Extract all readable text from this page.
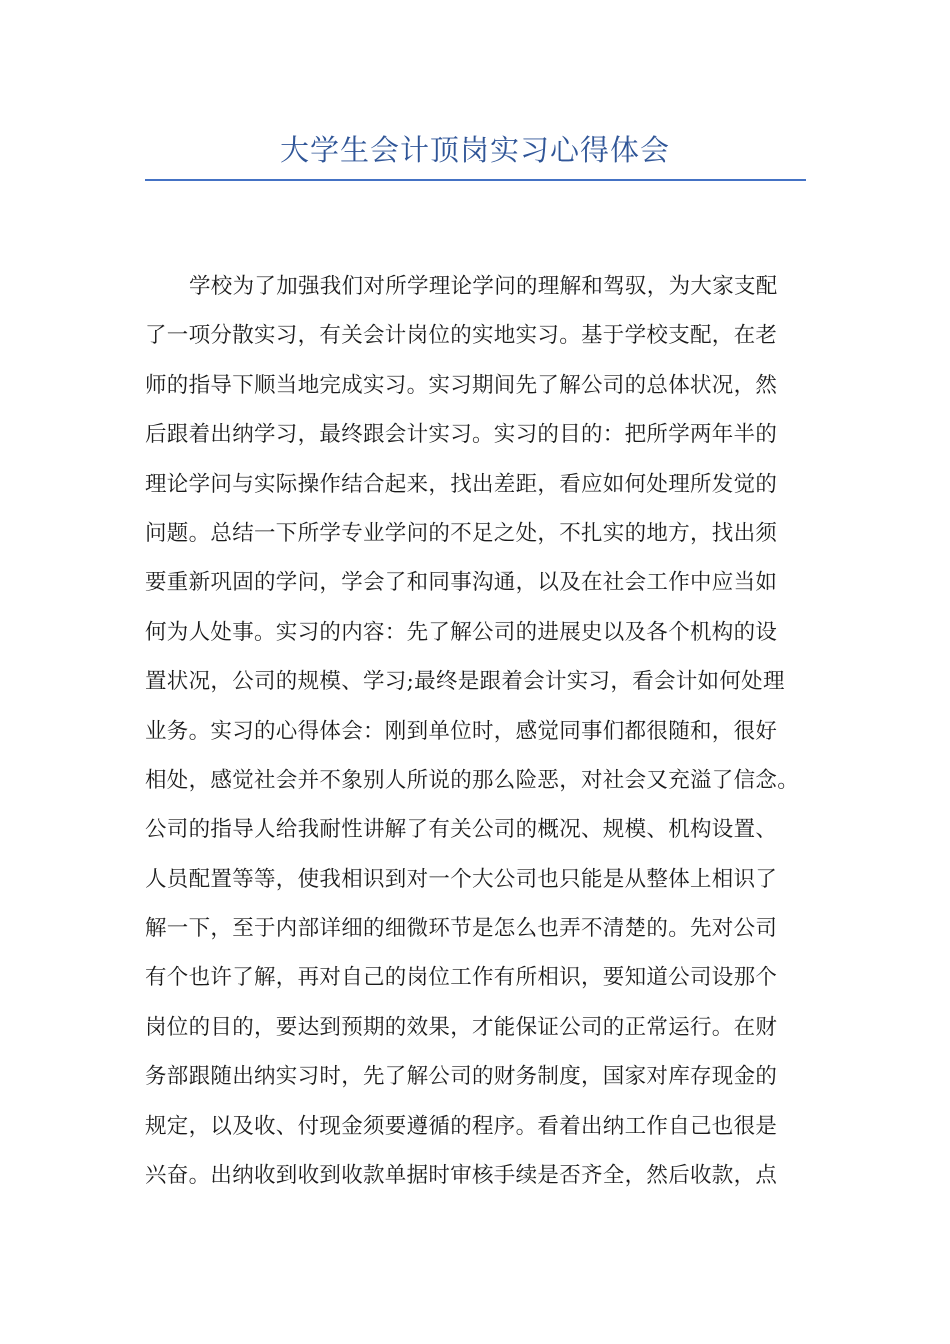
大学生会计顶岗实习心得体会
学校为了加强我们对所学理论学问的理解和驾驭，为大家支配
了一项分散实习，有关会计岗位的实地实习。基于学校支配，在老
师的指导下顺当地完成实习。实习期间先了解公司的总体状况，然
后跟着出纳学习，最终跟会计实习。实习的目的：把所学两年半的
理论学问与实际操作结合起来，找出差距，看应如何处理所发觉的
问题。总结一下所学专业学问的不足之处，不扎实的地方，找出须
要重新巩固的学问，学会了和同事沟通，以及在社会工作中应当如
何为人处事。实习的内容：先了解公司的进展史以及各个机构的设
置状况，公司的规模、学习;最终是跟着会计实习，看会计如何处理
业务。实习的心得体会：刚到单位时，感觉同事们都很随和，很好
相处，感觉社会并不象别人所说的那么险恶，对社会又充溢了信念。
公司的指导人给我耐性讲解了有关公司的概况、规模、机构设置、
人员配置等等，使我相识到对一个大公司也只能是从整体上相识了
解一下，至于内部详细的细微环节是怎么也弄不清楚的。先对公司
有个也许了解，再对自己的岗位工作有所相识，要知道公司设那个
岗位的目的，要达到预期的效果，才能保证公司的正常运行。在财
务部跟随出纳实习时，先了解公司的财务制度，国家对库存现金的
规定，以及收、付现金须要遵循的程序。看着出纳工作自己也很是
兴奋。出纳收到收到收款单据时审核手续是否齐全，然后收款，点
